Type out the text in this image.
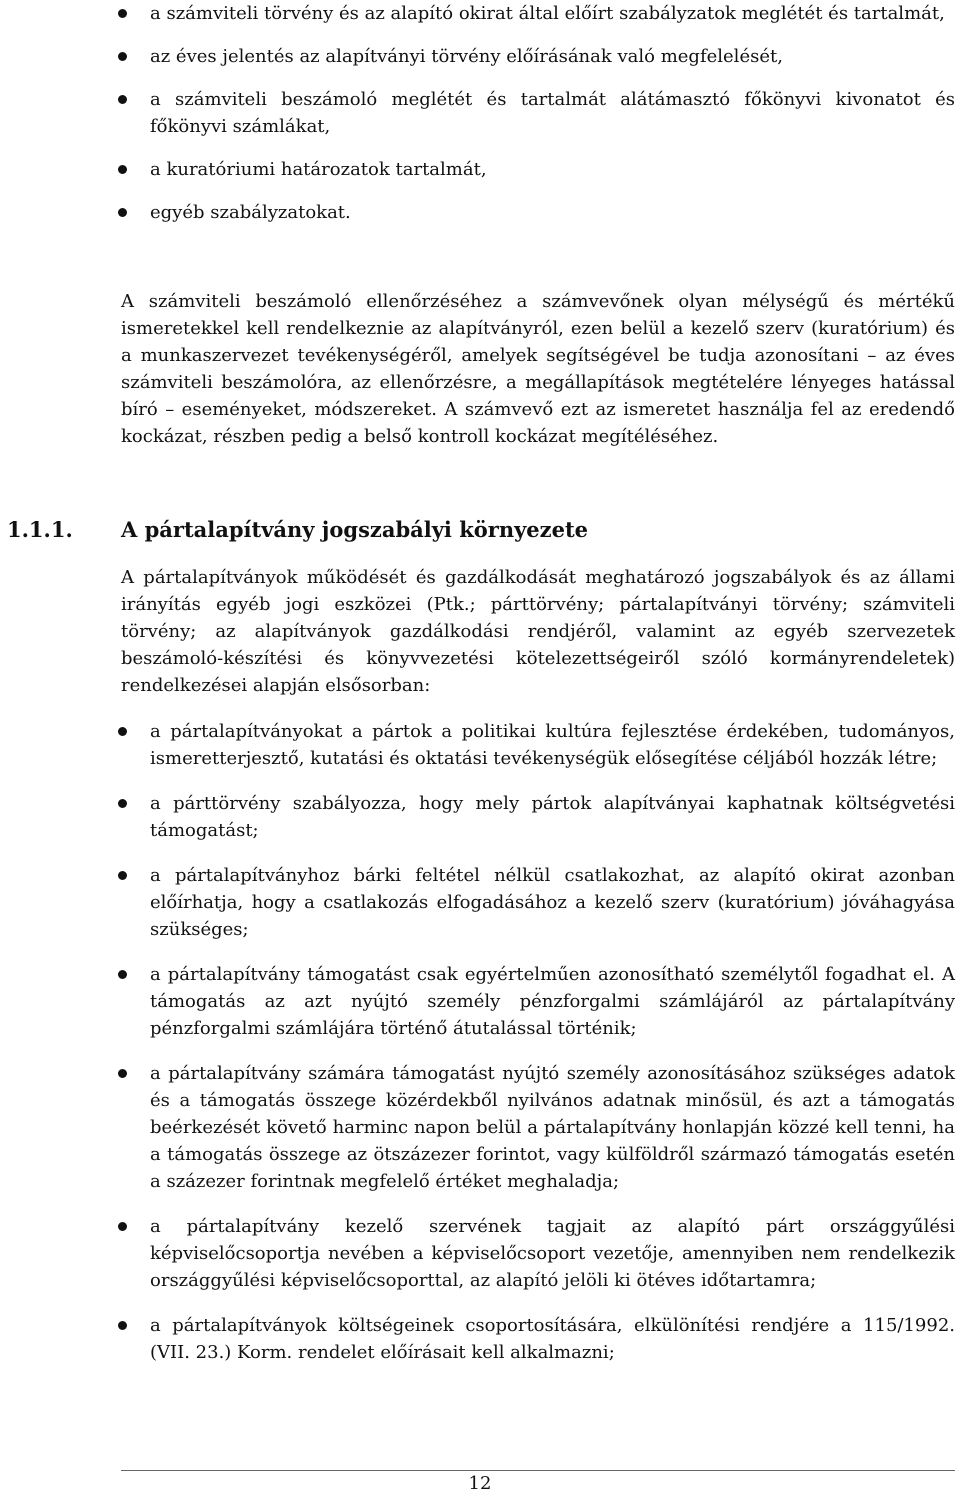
a számviteli törvény és az alapító okirat által előírt szabályzatok meglétét és tartalmát,
az éves jelentés az alapítványi törvény előírásának való megfelelését,
a számviteli beszámoló meglétét és tartalmát alátámasztó főkönyvi kivonatot és főkönyvi számlákat,
a kuratóriumi határozatok tartalmát,
egyéb szabályzatokat.

A számviteli beszámoló ellenőrzéséhez a számvevőnek olyan mélységű és mértékű ismeretekkel kell rendelkeznie az alapítványról, ezen belül a kezelő szerv (kuratórium) és a munkaszervezet tevékenységéről, amelyek segítségével be tudja azonosítani – az éves számviteli beszámolóra, az ellenőrzésre, a megállapítások megtételére lényeges hatással bíró – eseményeket, módszereket. A számvevő ezt az ismeretet használja fel az eredendő kockázat, részben pedig a belső kontroll kockázat megítéléséhez.

1.1.1. A pártalapítvány jogszabályi környezete

A pártalapítványok működését és gazdálkodását meghatározó jogszabályok és az állami irányítás egyéb jogi eszközei (Ptk.; párttörvény; pártalapítványi törvény; számviteli törvény; az alapítványok gazdálkodási rendjéről, valamint az egyéb szervezetek beszámoló-készítési és könyvvezetési kötelezettségeiről szóló kormányrendeletek) rendelkezései alapján elsősorban:

a pártalapítványokat a pártok a politikai kultúra fejlesztése érdekében, tudományos, ismeretterjesztő, kutatási és oktatási tevékenységük elősegítése céljából hozzák létre;
a párttörvény szabályozza, hogy mely pártok alapítványai kaphatnak költségvetési támogatást;
a pártalapítványhoz bárki feltétel nélkül csatlakozhat, az alapító okirat azonban előírhatja, hogy a csatlakozás elfogadásához a kezelő szerv (kuratórium) jóváhagyása szükséges;
a pártalapítvány támogatást csak egyértelműen azonosítható személytől fogadhat el. A támogatás az azt nyújtó személy pénzforgalmi számlájáról az pártalapítvány pénzforgalmi számlájára történő átutalással történik;
a pártalapítvány számára támogatást nyújtó személy azonosításához szükséges adatok és a támogatás összege közérdekből nyilvános adatnak minősül, és azt a támogatás beérkezését követő harminc napon belül a pártalapítvány honlapján közzé kell tenni, ha a támogatás összege az ötszázezer forintot, vagy külföldről származó támogatás esetén a százezer forintnak megfelelő értéket meghaladja;
a pártalapítvány kezelő szervének tagjait az alapító párt országgyűlési képviselőcsoportja nevében a képviselőcsoport vezetője, amennyiben nem rendelkezik országgyűlési képviselőcsoporttal, az alapító jelöli ki ötéves időtartamra;
a pártalapítványok költségeinek csoportosítására, elkülönítési rendjére a 115/1992. (VII. 23.) Korm. rendelet előírásait kell alkalmazni;
12
